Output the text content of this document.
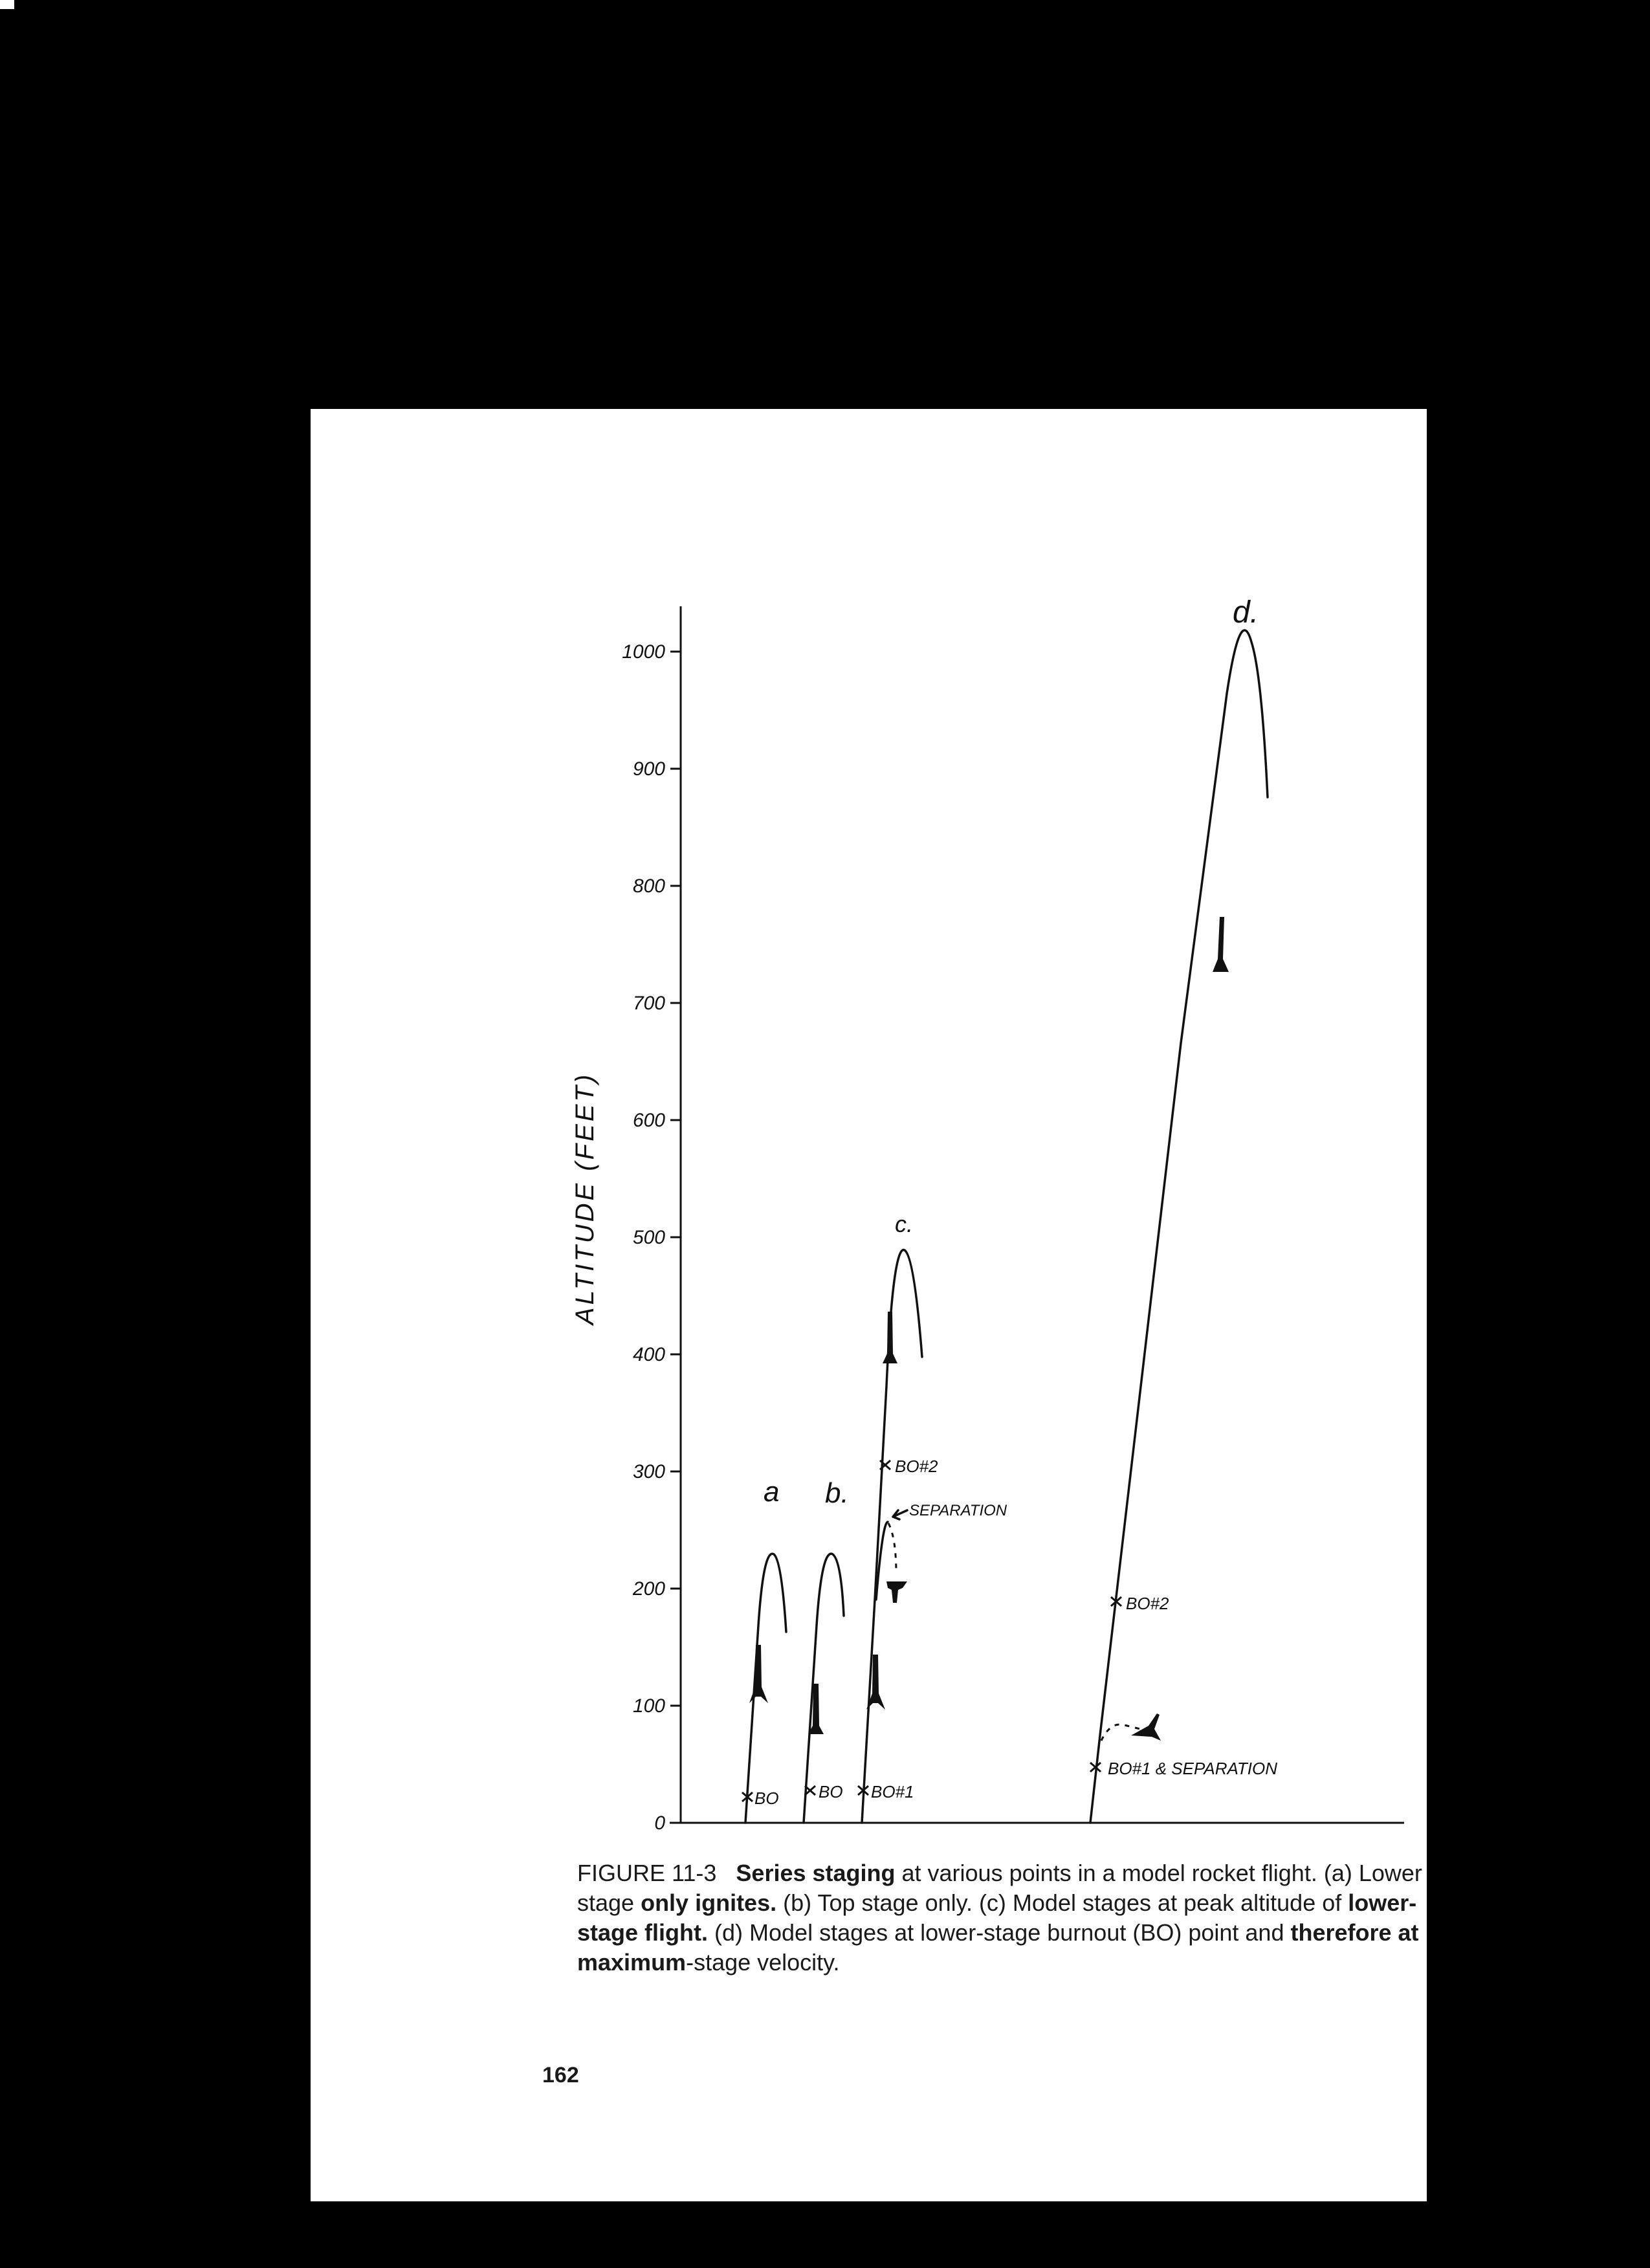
0
100
200
300
400
500
600
700
800
900
1000
ALTITUDE (FEET)
BO
a
BO
b.
BO#1
BO#2
SEPARATION
c.
BO#1 & SEPARATION
BO#2
d.

FIGURE 11-3 Series staging at various points in a model rocket flight. (a) Lower stage only ignites. (b) Top stage only. (c) Model stages at peak altitude of lower-stage flight. (d) Model stages at lower-stage burnout (BO) point and therefore at maximum-stage velocity.

162
